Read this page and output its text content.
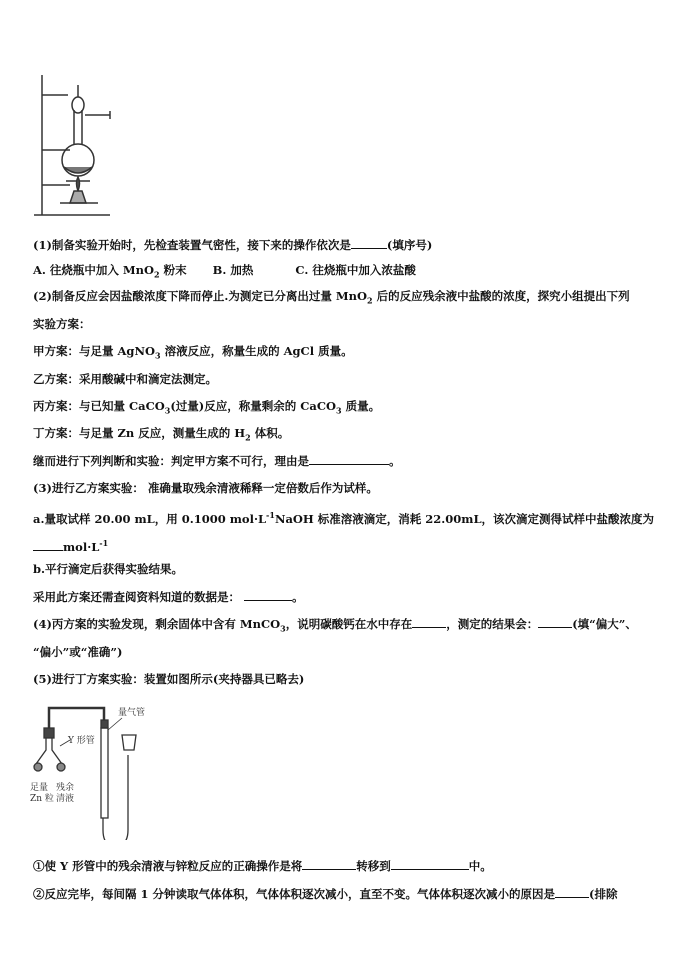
(1)制备实验开始时，先检查装置气密性，接下来的操作依次是	(填序号)
A. 往烧瓶中加入 MnO$_2$ 粉末 B. 加热	C. 往烧瓶中加入浓盐酸
(2)制备反应会因盐酸浓度下降而停止.为测定已分离出过量 MnO$_2$ 后的反应残余液中盐酸的浓度，探究小组提出下列
实验方案：
甲方案：与足量 AgNO$_3$ 溶液反应，称量生成的 AgCl 质量。
乙方案：采用酸碱中和滴定法测定。
丙方案：与已知量 CaCO$_3$(过量)反应，称量剩余的 CaCO$_3$ 质量。
丁方案：与足量 Zn 反应，测量生成的 $H_2$ 体积。
继而进行下列判断和实验：判定甲方案不可行，理由是	。
(3)进行乙方案实验： 准确量取残余清液稀释一定倍数后作为试样。
a.量取试样 20.00 mL，用 0.1000 $mol\cdot L^{-1}NaOH$ 标准溶液滴定，消耗 22.00mL，该次滴定测得试样中盐酸浓度为
$mol\cdot L^{-1}$
b.平行滴定后获得实验结果。
采用此方案还需查阅资料知道的数据是：	。
(4)丙方案的实验发现，剩余固体中含有 MnCO$_3$，说明碳酸钙在水中存在	，测定的结果会：	(填“偏大”、
“偏小”或“准确”)
(5)进行丁方案实验：装置如图所示(夹持器具已略去)
量气管
Y 形管
足量
Zn 粒
残余
清液
①使 Y 形管中的残余清液与锌粒反应的正确操作是将	转移到	中。
②反应完毕，每间隔 1 分钟读取气体体积，气体体积逐次减小，直至不变。气体体积逐次减小的原因是	(排除
